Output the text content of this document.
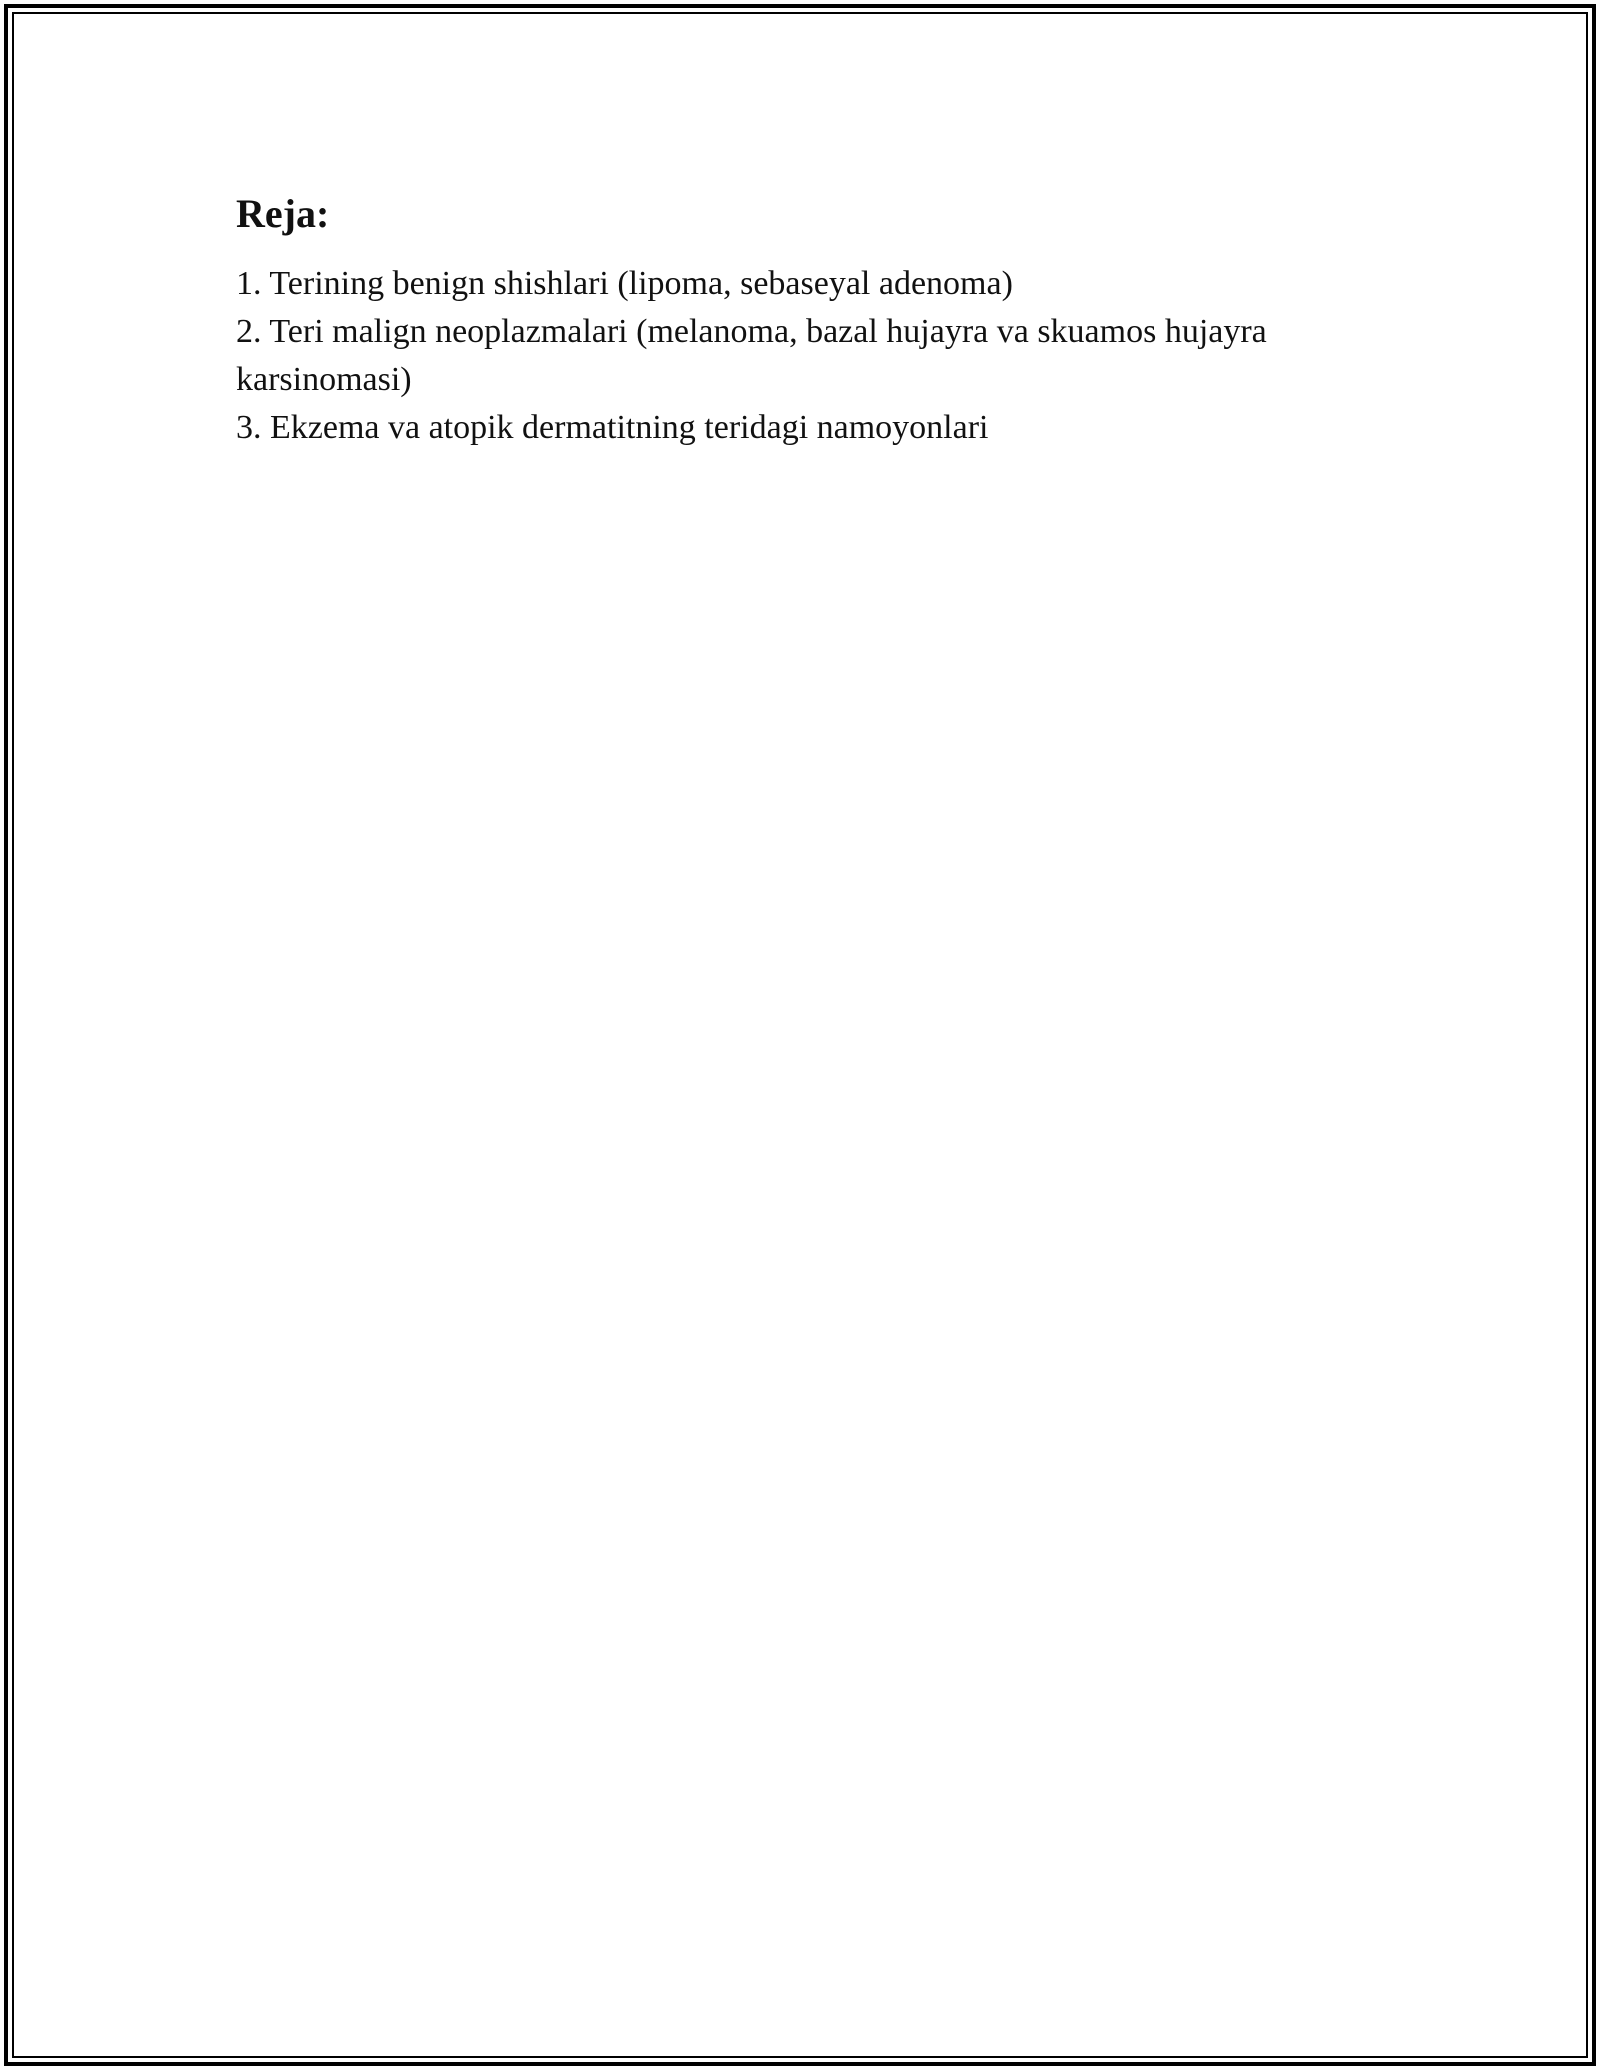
Reja:
1. Terining benign shishlari (lipoma, sebaseyal adenoma)
2. Teri malign neoplazmalari (melanoma, bazal hujayra va skuamos hujayra karsinomasi)
3. Ekzema va atopik dermatitning teridagi namoyonlari
